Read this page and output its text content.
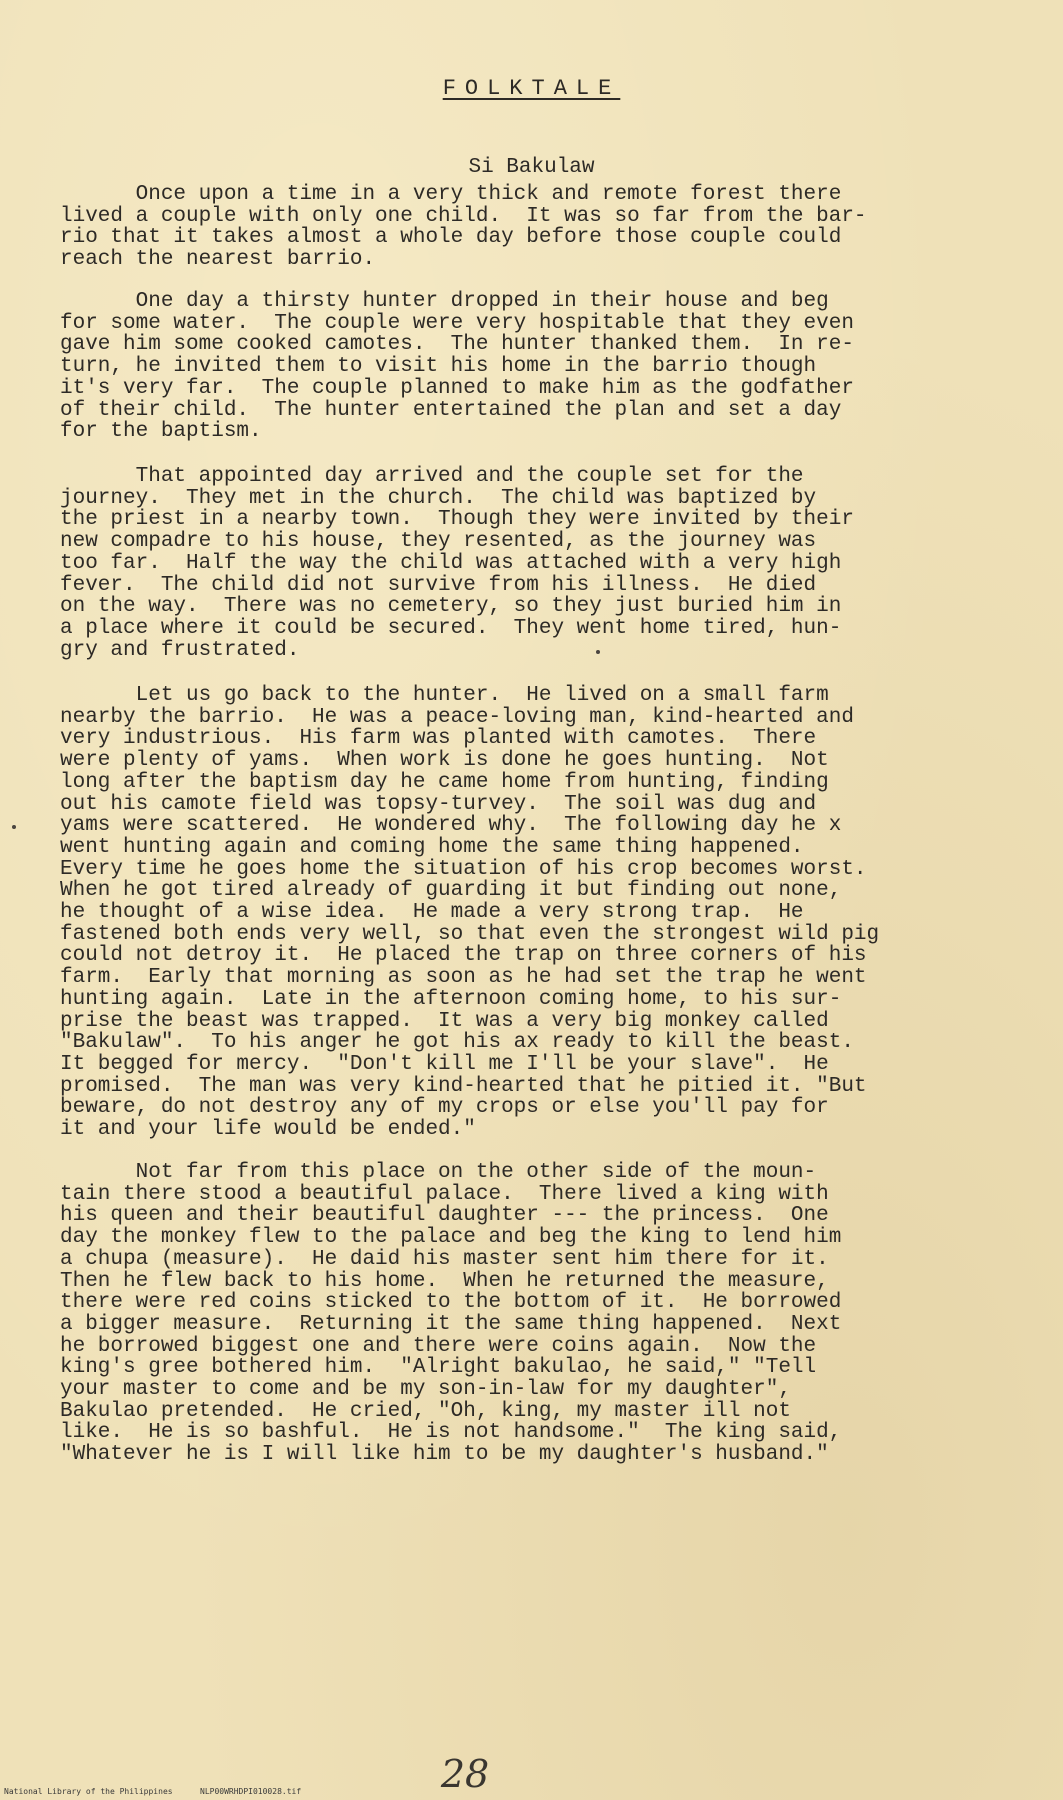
FOLKTALE
Si Bakulaw

Once upon a time in a very thick and remote forest there
lived a couple with only one child.  It was so far from the bar-
rio that it takes almost a whole day before those couple could
reach the nearest barrio.

One day a thirsty hunter dropped in their house and beg
for some water.  The couple were very hospitable that they even
gave him some cooked camotes.  The hunter thanked them.  In re-
turn, he invited them to visit his home in the barrio though
it's very far.  The couple planned to make him as the godfather
of their child.  The hunter entertained the plan and set a day
for the baptism.

That appointed day arrived and the couple set for the
journey.  They met in the church.  The child was baptized by
the priest in a nearby town.  Though they were invited by their
new compadre to his house, they resented, as the journey was
too far.  Half the way the child was attached with a very high
fever.  The child did not survive from his illness.  He died
on the way.  There was no cemetery, so they just buried him in
a place where it could be secured.  They went home tired, hun-
gry and frustrated.

Let us go back to the hunter.  He lived on a small farm
nearby the barrio.  He was a peace-loving man, kind-hearted and
very industrious.  His farm was planted with camotes.  There
were plenty of yams.  When work is done he goes hunting.  Not
long after the baptism day he came home from hunting, finding
out his camote field was topsy-turvey.  The soil was dug and
yams were scattered.  He wondered why.  The following day he x
went hunting again and coming home the same thing happened.
Every time he goes home the situation of his crop becomes worst.
When he got tired already of guarding it but finding out none,
he thought of a wise idea.  He made a very strong trap.  He
fastened both ends very well, so that even the strongest wild pig
could not detroy it.  He placed the trap on three corners of his
farm.  Early that morning as soon as he had set the trap he went
hunting again.  Late in the afternoon coming home, to his sur-
prise the beast was trapped.  It was a very big monkey called
"Bakulaw".  To his anger he got his ax ready to kill the beast.
It begged for mercy.  "Don't kill me I'll be your slave".  He
promised.  The man was very kind-hearted that he pitied it. "But
beware, do not destroy any of my crops or else you'll pay for
it and your life would be ended."

Not far from this place on the other side of the moun-
tain there stood a beautiful palace.  There lived a king with
his queen and their beautiful daughter --- the princess.  One
day the monkey flew to the palace and beg the king to lend him
a chupa (measure).  He daid his master sent him there for it.
Then he flew back to his home.  When he returned the measure,
there were red coins sticked to the bottom of it.  He borrowed
a bigger measure.  Returning it the same thing happened.  Next
he borrowed biggest one and there were coins again.  Now the
king's gree bothered him.  "Alright bakulao, he said," "Tell
your master to come and be my son-in-law for my daughter",
Bakulao pretended.  He cried, "Oh, king, my master ill not
like.  He is so bashful.  He is not handsome."  The king said,
"Whatever he is I will like him to be my daughter's husband."

28
National Library of the Philippines	NLP00WRHDPI010028.tif
